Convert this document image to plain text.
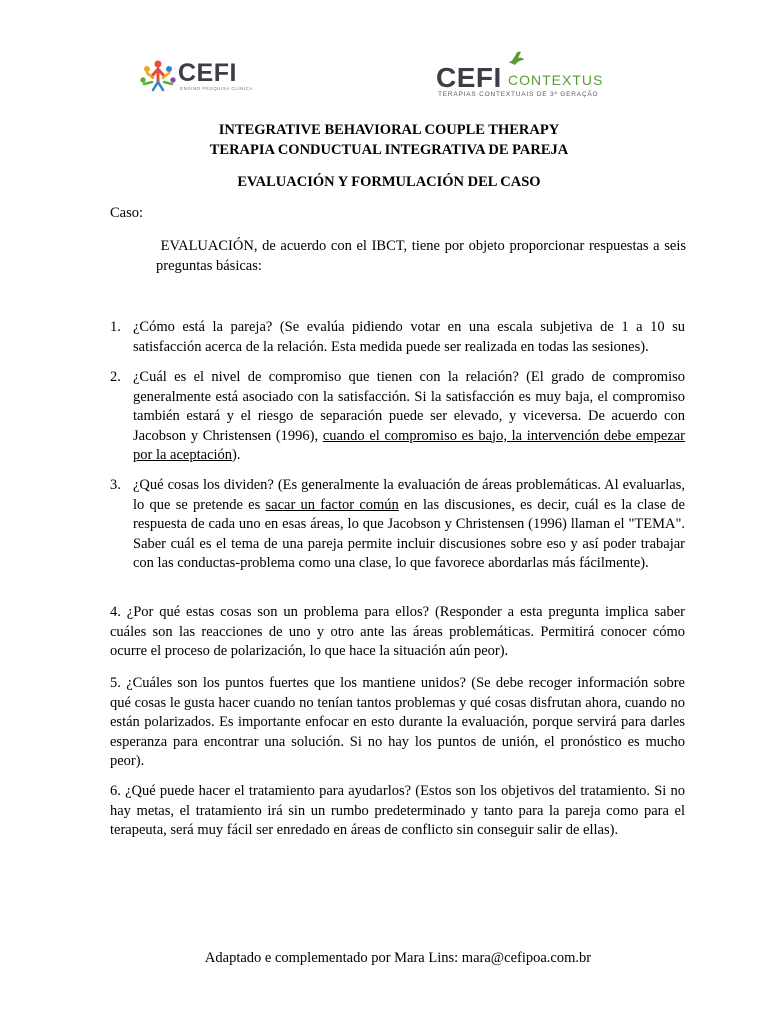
CEFI
ENSINO PESQUISA CLÍNICA	CEFI CONTEXTUS
TERAPIAS CONTEXTUAIS DE 3ª GERAÇÃO
INTEGRATIVE BEHAVIORAL COUPLE THERAPY
TERAPIA CONDUCTUAL INTEGRATIVA DE PAREJA
EVALUACIÓN Y FORMULACIÓN DEL CASO
Caso:
EVALUACIÓN, de acuerdo con el IBCT, tiene por objeto proporcionar respuestas a seis preguntas básicas:
1. ¿Cómo está la pareja? (Se evalúa pidiendo votar en una escala subjetiva de 1 a 10 su satisfacción acerca de la relación. Esta medida puede ser realizada en todas las sesiones).
2. ¿Cuál es el nivel de compromiso que tienen con la relación? (El grado de compromiso generalmente está asociado con la satisfacción. Si la satisfacción es muy baja, el compromiso también estará y el riesgo de separación puede ser elevado, y viceversa. De acuerdo con Jacobson y Christensen (1996), cuando el compromiso es bajo, la intervención debe empezar por la aceptación).
3. ¿Qué cosas los dividen? (Es generalmente la evaluación de áreas problemáticas. Al evaluarlas, lo que se pretende es sacar un factor común en las discusiones, es decir, cuál es la clase de respuesta de cada uno en esas áreas, lo que Jacobson y Christensen (1996) llaman el "TEMA". Saber cuál es el tema de una pareja permite incluir discusiones sobre eso y así poder trabajar con las conductas-problema como una clase, lo que favorece abordarlas más fácilmente).
4. ¿Por qué estas cosas son un problema para ellos? (Responder a esta pregunta implica saber cuáles son las reacciones de uno y otro ante las áreas problemáticas. Permitirá conocer cómo ocurre el proceso de polarización, lo que hace la situación aún peor).
5. ¿Cuáles son los puntos fuertes que los mantiene unidos? (Se debe recoger información sobre qué cosas le gusta hacer cuando no tenían tantos problemas y qué cosas disfrutan ahora, cuando no están polarizados. Es importante enfocar en esto durante la evaluación, porque servirá para darles esperanza para encontrar una solución. Si no hay los puntos de unión, el pronóstico es mucho peor).
6. ¿Qué puede hacer el tratamiento para ayudarlos? (Estos son los objetivos del tratamiento. Si no hay metas, el tratamiento irá sin un rumbo predeterminado y tanto para la pareja como para el terapeuta, será muy fácil ser enredado en áreas de conflicto sin conseguir salir de ellas).
Adaptado e complementado por Mara Lins: mara@cefipoa.com.br
